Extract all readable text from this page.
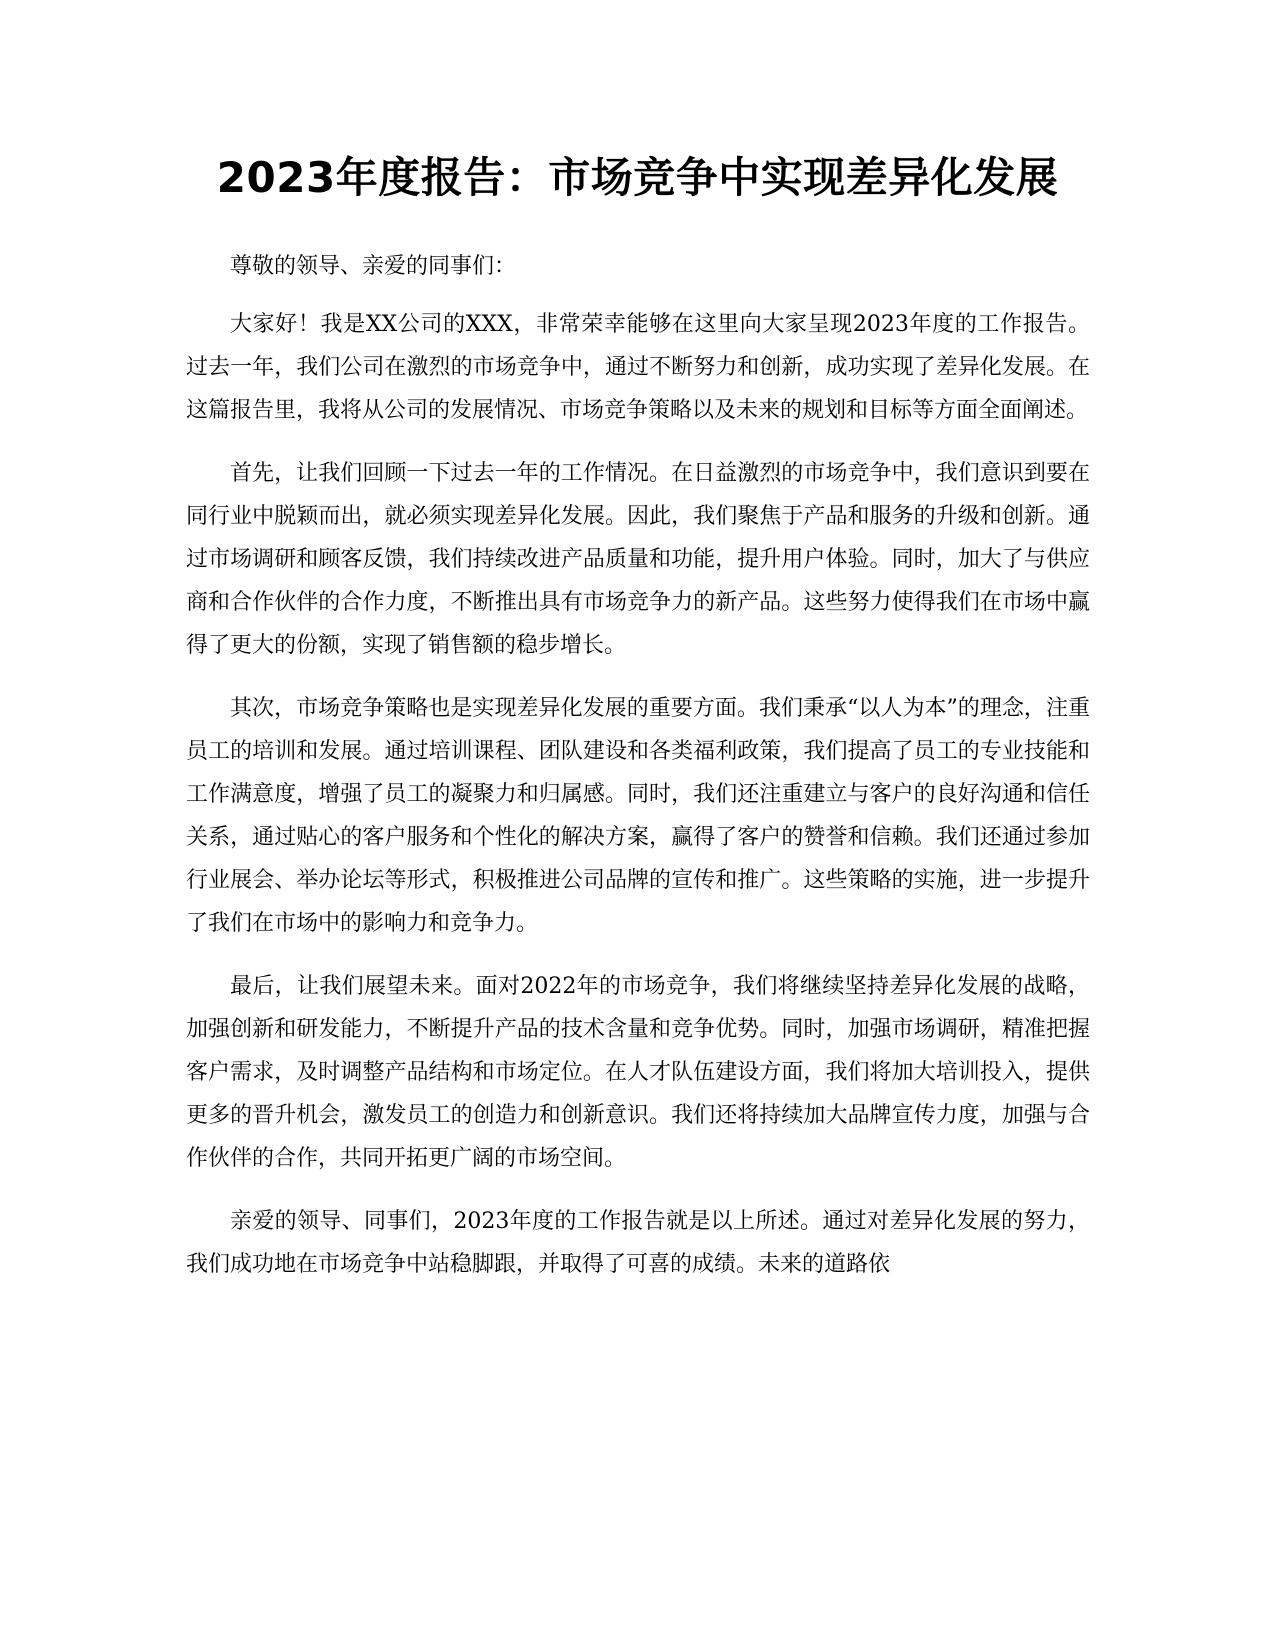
2023年度报告：市场竞争中实现差异化发展

尊敬的领导、亲爱的同事们：

大家好！我是XX公司的XXX，非常荣幸能够在这里向大家呈现2023年度的工作报告。过去一年，我们公司在激烈的市场竞争中，通过不断努力和创新，成功实现了差异化发展。在这篇报告里，我将从公司的发展情况、市场竞争策略以及未来的规划和目标等方面全面阐述。

首先，让我们回顾一下过去一年的工作情况。在日益激烈的市场竞争中，我们意识到要在同行业中脱颖而出，就必须实现差异化发展。因此，我们聚焦于产品和服务的升级和创新。通过市场调研和顾客反馈，我们持续改进产品质量和功能，提升用户体验。同时，加大了与供应商和合作伙伴的合作力度，不断推出具有市场竞争力的新产品。这些努力使得我们在市场中赢得了更大的份额，实现了销售额的稳步增长。

其次，市场竞争策略也是实现差异化发展的重要方面。我们秉承“以人为本”的理念，注重员工的培训和发展。通过培训课程、团队建设和各类福利政策，我们提高了员工的专业技能和工作满意度，增强了员工的凝聚力和归属感。同时，我们还注重建立与客户的良好沟通和信任关系，通过贴心的客户服务和个性化的解决方案，赢得了客户的赞誉和信赖。我们还通过参加行业展会、举办论坛等形式，积极推进公司品牌的宣传和推广。这些策略的实施，进一步提升了我们在市场中的影响力和竞争力。

最后，让我们展望未来。面对2022年的市场竞争，我们将继续坚持差异化发展的战略，加强创新和研发能力，不断提升产品的技术含量和竞争优势。同时，加强市场调研，精准把握客户需求，及时调整产品结构和市场定位。在人才队伍建设方面，我们将加大培训投入，提供更多的晋升机会，激发员工的创造力和创新意识。我们还将持续加大品牌宣传力度，加强与合作伙伴的合作，共同开拓更广阔的市场空间。

亲爱的领导、同事们，2023年度的工作报告就是以上所述。通过对差异化发展的努力，我们成功地在市场竞争中站稳脚跟，并取得了可喜的成绩。未来的道路依
